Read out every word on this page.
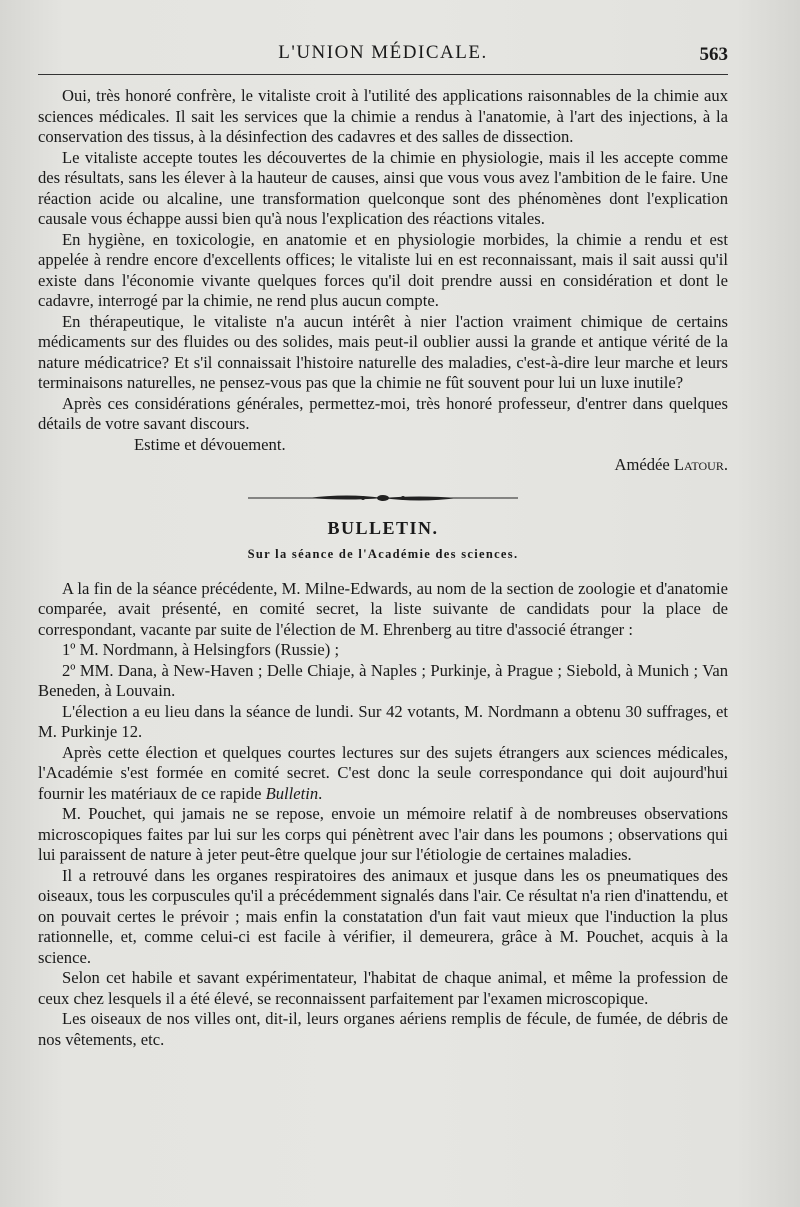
L'UNION MÉDICALE.	563

Oui, très honoré confrère, le vitaliste croit à l'utilité des applications raisonnables de la chimie aux sciences médicales. Il sait les services que la chimie a rendus à l'anatomie, à l'art des injections, à la conservation des tissus, à la désinfection des cadavres et des salles de dissection.

Le vitaliste accepte toutes les découvertes de la chimie en physiologie, mais il les accepte comme des résultats, sans les élever à la hauteur de causes, ainsi que vous vous avez l'ambition de le faire. Une réaction acide ou alcaline, une transformation quelconque sont des phénomènes dont l'explication causale vous échappe aussi bien qu'à nous l'explication des réactions vitales.

En hygiène, en toxicologie, en anatomie et en physiologie morbides, la chimie a rendu et est appelée à rendre encore d'excellents offices; le vitaliste lui en est reconnaissant, mais il sait aussi qu'il existe dans l'économie vivante quelques forces qu'il doit prendre aussi en considération et dont le cadavre, interrogé par la chimie, ne rend plus aucun compte.

En thérapeutique, le vitaliste n'a aucun intérêt à nier l'action vraiment chimique de certains médicaments sur des fluides ou des solides, mais peut-il oublier aussi la grande et antique vérité de la nature médicatrice? Et s'il connaissait l'histoire naturelle des maladies, c'est-à-dire leur marche et leurs terminaisons naturelles, ne pensez-vous pas que la chimie ne fût souvent pour lui un luxe inutile?

Après ces considérations générales, permettez-moi, très honoré professeur, d'entrer dans quelques détails de votre savant discours.

Estime et dévouement.

Amédée Latour.

BULLETIN.
Sur la séance de l'Académie des sciences.

A la fin de la séance précédente, M. Milne-Edwards, au nom de la section de zoologie et d'anatomie comparée, avait présenté, en comité secret, la liste suivante de candidats pour la place de correspondant, vacante par suite de l'élection de M. Ehrenberg au titre d'associé étranger :

1º M. Nordmann, à Helsingfors (Russie) ;

2º MM. Dana, à New-Haven ; Delle Chiaje, à Naples ; Purkinje, à Prague ; Siebold, à Munich ; Van Beneden, à Louvain.

L'élection a eu lieu dans la séance de lundi. Sur 42 votants, M. Nordmann a obtenu 30 suffrages, et M. Purkinje 12.

Après cette élection et quelques courtes lectures sur des sujets étrangers aux sciences médicales, l'Académie s'est formée en comité secret. C'est donc la seule correspondance qui doit aujourd'hui fournir les matériaux de ce rapide Bulletin.

M. Pouchet, qui jamais ne se repose, envoie un mémoire relatif à de nombreuses observations microscopiques faites par lui sur les corps qui pénètrent avec l'air dans les poumons ; observations qui lui paraissent de nature à jeter peut-être quelque jour sur l'étiologie de certaines maladies.

Il a retrouvé dans les organes respiratoires des animaux et jusque dans les os pneumatiques des oiseaux, tous les corpuscules qu'il a précédemment signalés dans l'air. Ce résultat n'a rien d'inattendu, et on pouvait certes le prévoir ; mais enfin la constatation d'un fait vaut mieux que l'induction la plus rationnelle, et, comme celui-ci est facile à vérifier, il demeurera, grâce à M. Pouchet, acquis à la science.

Selon cet habile et savant expérimentateur, l'habitat de chaque animal, et même la profession de ceux chez lesquels il a été élevé, se reconnaissent parfaitement par l'examen microscopique.

Les oiseaux de nos villes ont, dit-il, leurs organes aériens remplis de fécule, de fumée, de débris de nos vêtements, etc.
